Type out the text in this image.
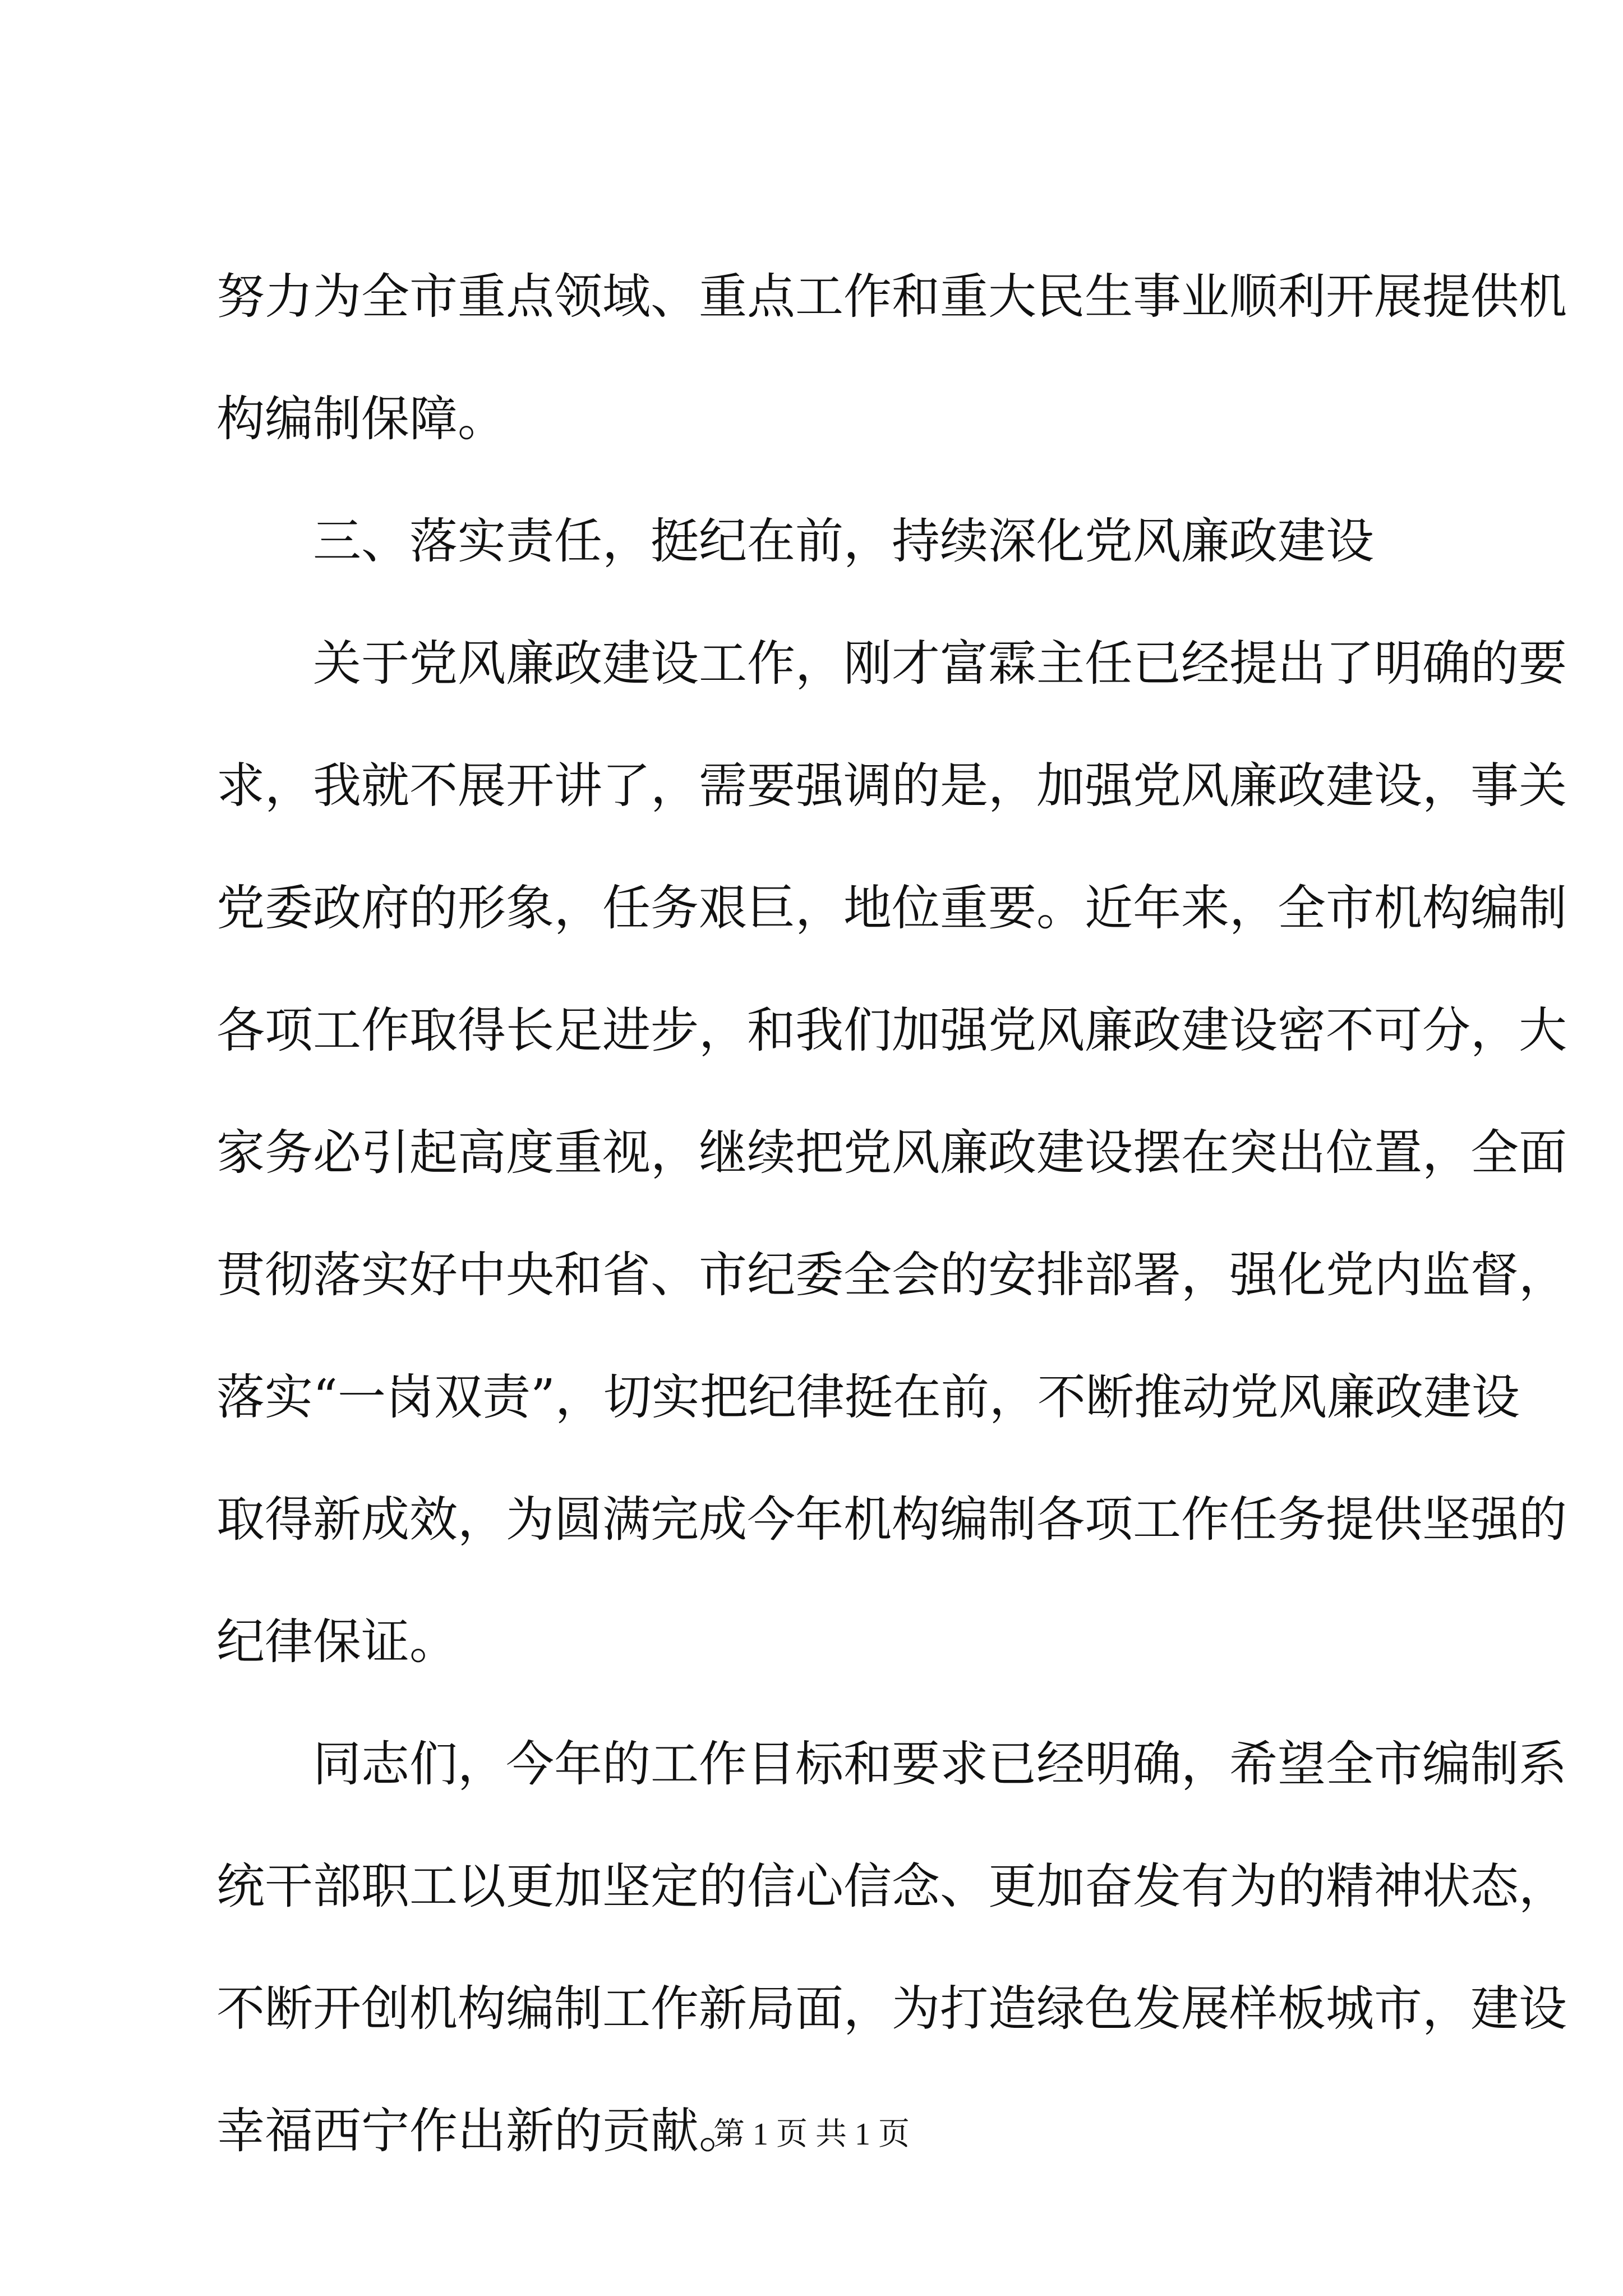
努力为全市重点领域、重点工作和重大民生事业顺利开展提供机
构编制保障。
三、落实责任，挺纪在前，持续深化党风廉政建设
关于党风廉政建设工作，刚才富霖主任已经提出了明确的要
求，我就不展开讲了，需要强调的是，加强党风廉政建设，事关
党委政府的形象，任务艰巨，地位重要。近年来，全市机构编制
各项工作取得长足进步，和我们加强党风廉政建设密不可分，大
家务必引起高度重视，继续把党风廉政建设摆在突出位置，全面
贯彻落实好中央和省、市纪委全会的安排部署，强化党内监督，
落实“一岗双责”，切实把纪律挺在前，不断推动党风廉政建设
取得新成效，为圆满完成今年机构编制各项工作任务提供坚强的
纪律保证。
同志们，今年的工作目标和要求已经明确，希望全市编制系
统干部职工以更加坚定的信心信念、更加奋发有为的精神状态，
不断开创机构编制工作新局面，为打造绿色发展样板城市，建设
幸福西宁作出新的贡献。
第 1 页 共 1 页
